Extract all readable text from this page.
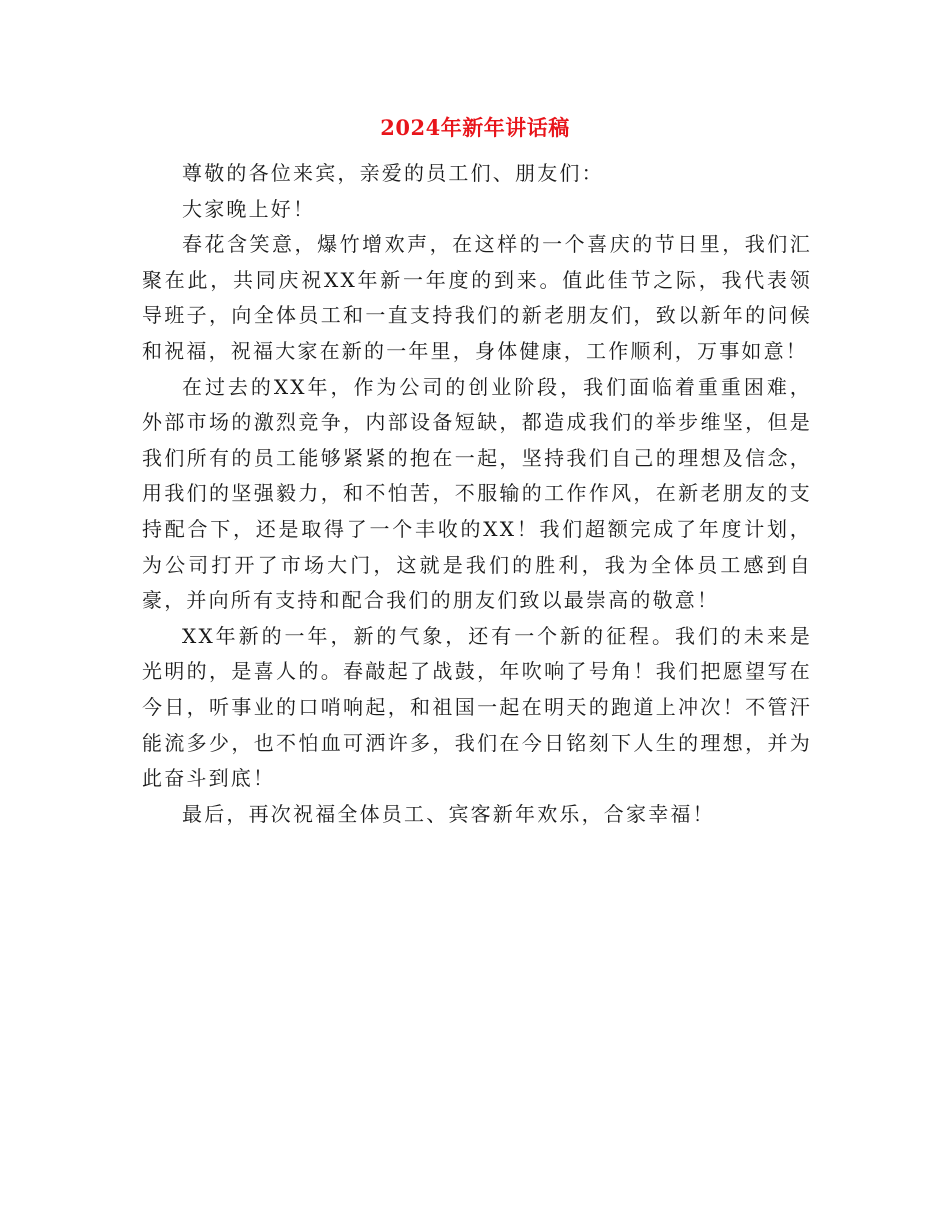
2024年新年讲话稿

尊敬的各位来宾，亲爱的员工们、朋友们：

大家晚上好！

春花含笑意，爆竹增欢声，在这样的一个喜庆的节日里，我们汇聚在此，共同庆祝XX年新一年度的到来。值此佳节之际，我代表领导班子，向全体员工和一直支持我们的新老朋友们，致以新年的问候和祝福，祝福大家在新的一年里，身体健康，工作顺利，万事如意！

在过去的XX年，作为公司的创业阶段，我们面临着重重困难，外部市场的激烈竞争，内部设备短缺，都造成我们的举步维坚，但是我们所有的员工能够紧紧的抱在一起，坚持我们自己的理想及信念，用我们的坚强毅力，和不怕苦，不服输的工作作风，在新老朋友的支持配合下，还是取得了一个丰收的XX！我们超额完成了年度计划，为公司打开了市场大门，这就是我们的胜利，我为全体员工感到自豪，并向所有支持和配合我们的朋友们致以最崇高的敬意！

XX年新的一年，新的气象，还有一个新的征程。我们的未来是光明的，是喜人的。春敲起了战鼓，年吹响了号角！我们把愿望写在今日，听事业的口哨响起，和祖国一起在明天的跑道上冲次！不管汗能流多少，也不怕血可洒许多，我们在今日铭刻下人生的理想，并为此奋斗到底！

最后，再次祝福全体员工、宾客新年欢乐，合家幸福！
